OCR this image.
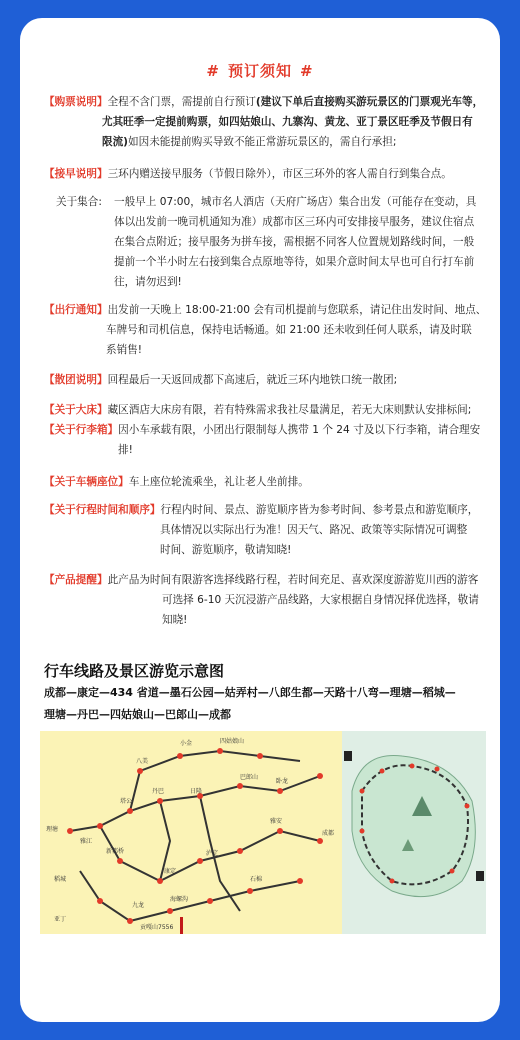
# 预订须知 #
【购票说明】全程不含门票，需提前自行预订(建议下单后直接购买游玩景区的门票观光车等，
尤其旺季一定提前购票，如四姑娘山、九寨沟、黄龙、亚丁景区旺季及节假日有
限流)如因未能提前购买导致不能正常游玩景区的，需自行承担;
【接早说明】三环内赠送接早服务（节假日除外），市区三环外的客人需自行到集合点。
关于集合: 一般早上 07:00，城市名人酒店（天府广场店）集合出发（可能存在变动，具
体以出发前一晚司机通知为准）成都市区三环内可安排接早服务，建议住宿点
在集合点附近；接早服务为拼车接，需根据不同客人位置规划路线时间，一般
提前一个半小时左右接到集合点原地等待，如果介意时间太早也可自行打车前
往，请勿迟到!
【出行通知】出发前一天晚上 18:00-21:00 会有司机提前与您联系，请记住出发时间、地点、
车牌号和司机信息，保持电话畅通。如 21:00 还未收到任何人联系，请及时联
系销售!
【散团说明】回程最后一天返回成都下高速后，就近三环内地铁口统一散团;
【关于大床】藏区酒店大床房有限，若有特殊需求我社尽量满足，若无大床则默认安排标间;
【关于行李箱】因小车承载有限，小团出行限制每人携带 1 个 24 寸及以下行李箱，请合理安
排!
【关于车辆座位】车上座位轮流乘坐，礼让老人坐前排。
【关于行程时间和顺序】行程内时间、景点、游览顺序皆为参考时间、参考景点和游览顺序，
具体情况以实际出行为准！因天气、路况、政策等实际情况可调整
时间、游览顺序，敬请知晓!
【产品提醒】此产品为时间有限游客选择线路行程，若时间充足、喜欢深度游游览川西的游客
可选择 6-10 天沉浸游产品线路，大家根据自身情况择优选择，敬请
知晓!
行车线路及景区游览示意图
成都—康定—434 省道—墨石公园—姑弄村—八郎生都—天路十八弯—理塘—稻城—
理塘—丹巴—四姑娘山—巴郎山—成都
小金	四姑娘山
日隆
八美
丹巴
巴郎山
塔公
卧龙
理塘
雅江
新都桥
康定
泸定
雅安
成都
稻城
亚丁
九龙
海螺沟
石棉
贡嘎山7556
